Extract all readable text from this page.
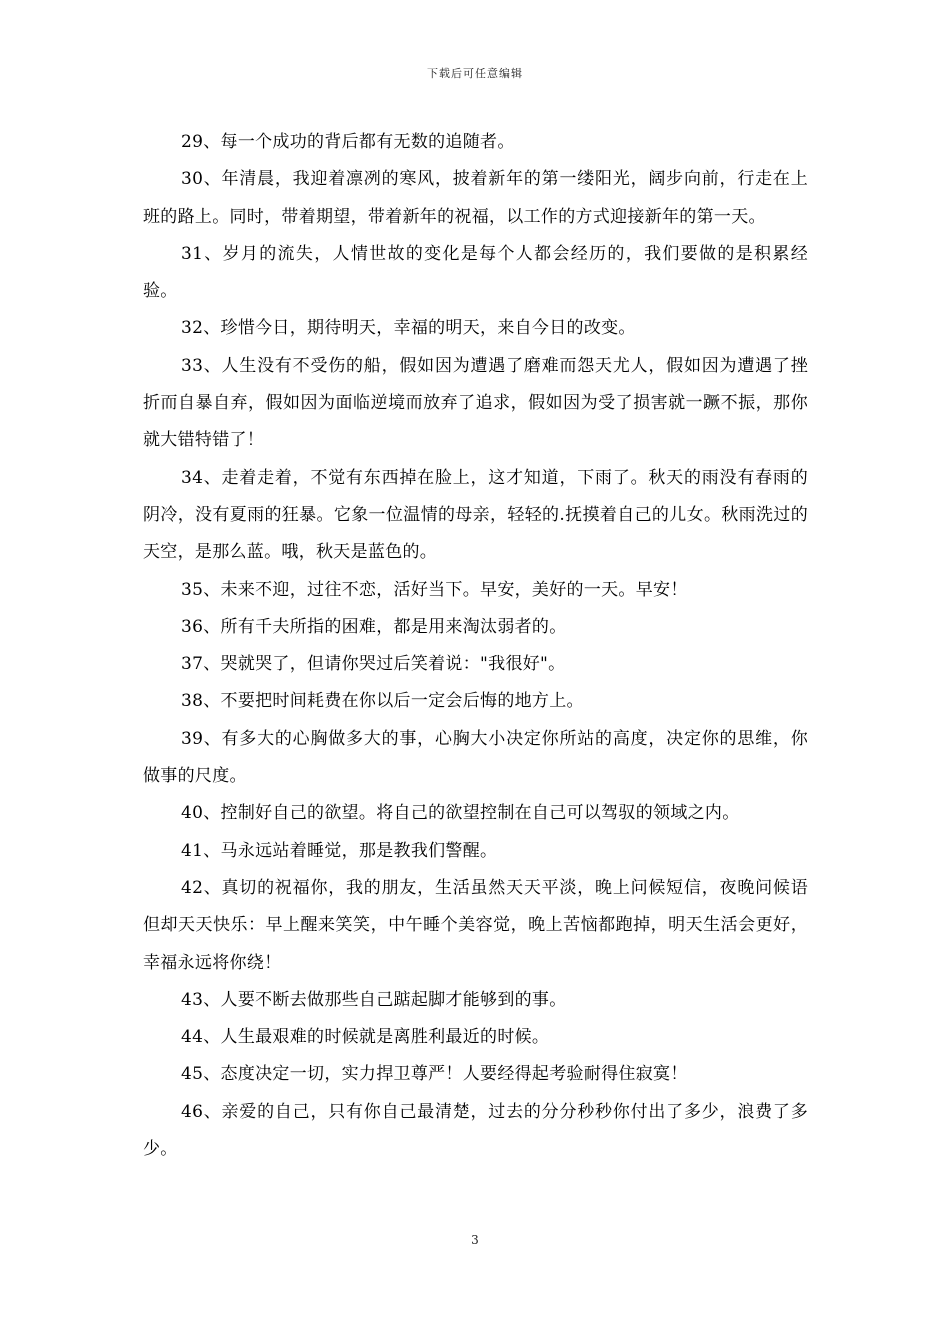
下载后可任意编辑

29、每一个成功的背后都有无数的追随者。

30、年清晨，我迎着凛冽的寒风，披着新年的第一缕阳光，阔步向前，行走在上班的路上。同时，带着期望，带着新年的祝福，以工作的方式迎接新年的第一天。

31、岁月的流失，人情世故的变化是每个人都会经历的，我们要做的是积累经验。

32、珍惜今日，期待明天，幸福的明天，来自今日的改变。

33、人生没有不受伤的船，假如因为遭遇了磨难而怨天尤人，假如因为遭遇了挫折而自暴自弃，假如因为面临逆境而放弃了追求，假如因为受了损害就一蹶不振，那你就大错特错了！

34、走着走着，不觉有东西掉在脸上，这才知道，下雨了。秋天的雨没有春雨的阴冷，没有夏雨的狂暴。它象一位温情的母亲，轻轻的.抚摸着自己的儿女。秋雨洗过的天空，是那么蓝。哦，秋天是蓝色的。

35、未来不迎，过往不恋，活好当下。早安，美好的一天。早安！

36、所有千夫所指的困难，都是用来淘汰弱者的。

37、哭就哭了，但请你哭过后笑着说："我很好"。

38、不要把时间耗费在你以后一定会后悔的地方上。

39、有多大的心胸做多大的事，心胸大小决定你所站的高度，决定你的思维，你做事的尺度。

40、控制好自己的欲望。将自己的欲望控制在自己可以驾驭的领域之内。

41、马永远站着睡觉，那是教我们警醒。

42、真切的祝福你，我的朋友，生活虽然天天平淡，晚上问候短信，夜晚问候语但却天天快乐：早上醒来笑笑，中午睡个美容觉，晚上苦恼都跑掉，明天生活会更好，幸福永远将你绕！

43、人要不断去做那些自己踮起脚才能够到的事。

44、人生最艰难的时候就是离胜利最近的时候。

45、态度决定一切，实力捍卫尊严！人要经得起考验耐得住寂寞！

46、亲爱的自己，只有你自己最清楚，过去的分分秒秒你付出了多少，浪费了多少。

3
